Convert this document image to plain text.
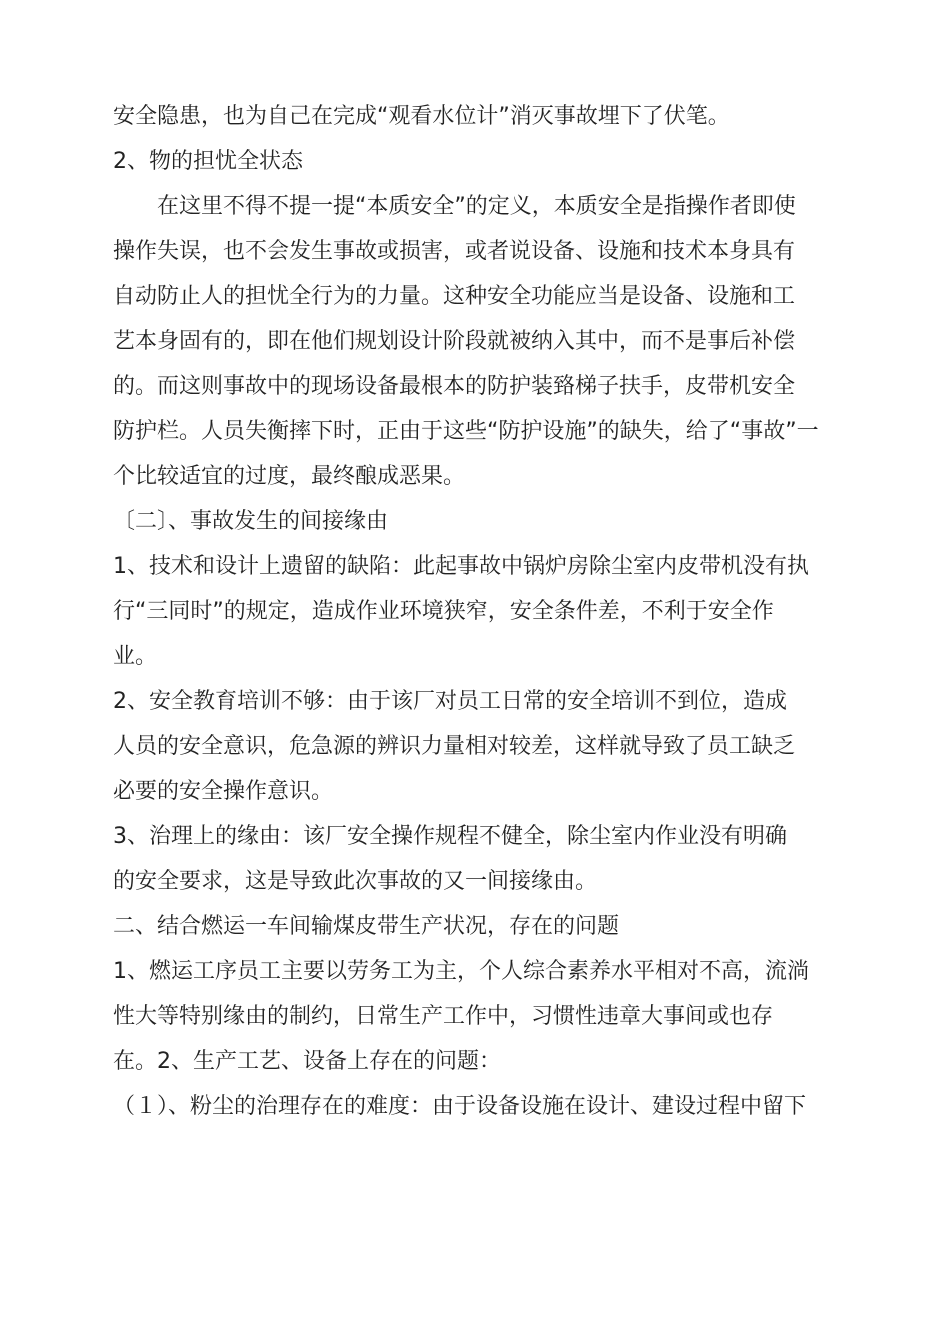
安全隐患，也为自己在完成“观看水位计”消灭事故埋下了伏笔。
2、物的担忧全状态
在这里不得不提一提“本质安全”的定义，本质安全是指操作者即使
操作失误，也不会发生事故或损害，或者说设备、设施和技术本身具有
自动防止人的担忧全行为的力量。这种安全功能应当是设备、设施和工
艺本身固有的，即在他们规划设计阶段就被纳入其中，而不是事后补偿
的。而这则事故中的现场设备最根本的防护装臵梯子扶手，皮带机安全
防护栏。人员失衡摔下时，正由于这些“防护设施”的缺失，给了“事故”一
个比较适宜的过度，最终酿成恶果。
〔二〕、事故发生的间接缘由
1、技术和设计上遗留的缺陷：此起事故中锅炉房除尘室内皮带机没有执
行“三同时”的规定，造成作业环境狭窄，安全条件差，不利于安全作
业。
2、安全教育培训不够：由于该厂对员工日常的安全培训不到位，造成
人员的安全意识，危急源的辨识力量相对较差，这样就导致了员工缺乏
必要的安全操作意识。
3、治理上的缘由：该厂安全操作规程不健全，除尘室内作业没有明确
的安全要求，这是导致此次事故的又一间接缘由。
二、结合燃运一车间输煤皮带生产状况，存在的问题
1、燃运工序员工主要以劳务工为主，个人综合素养水平相对不高，流淌
性大等特别缘由的制约，日常生产工作中，习惯性违章大事间或也存
在。2、生产工艺、设备上存在的问题：
（１）、粉尘的治理存在的难度：由于设备设施在设计、建设过程中留下
